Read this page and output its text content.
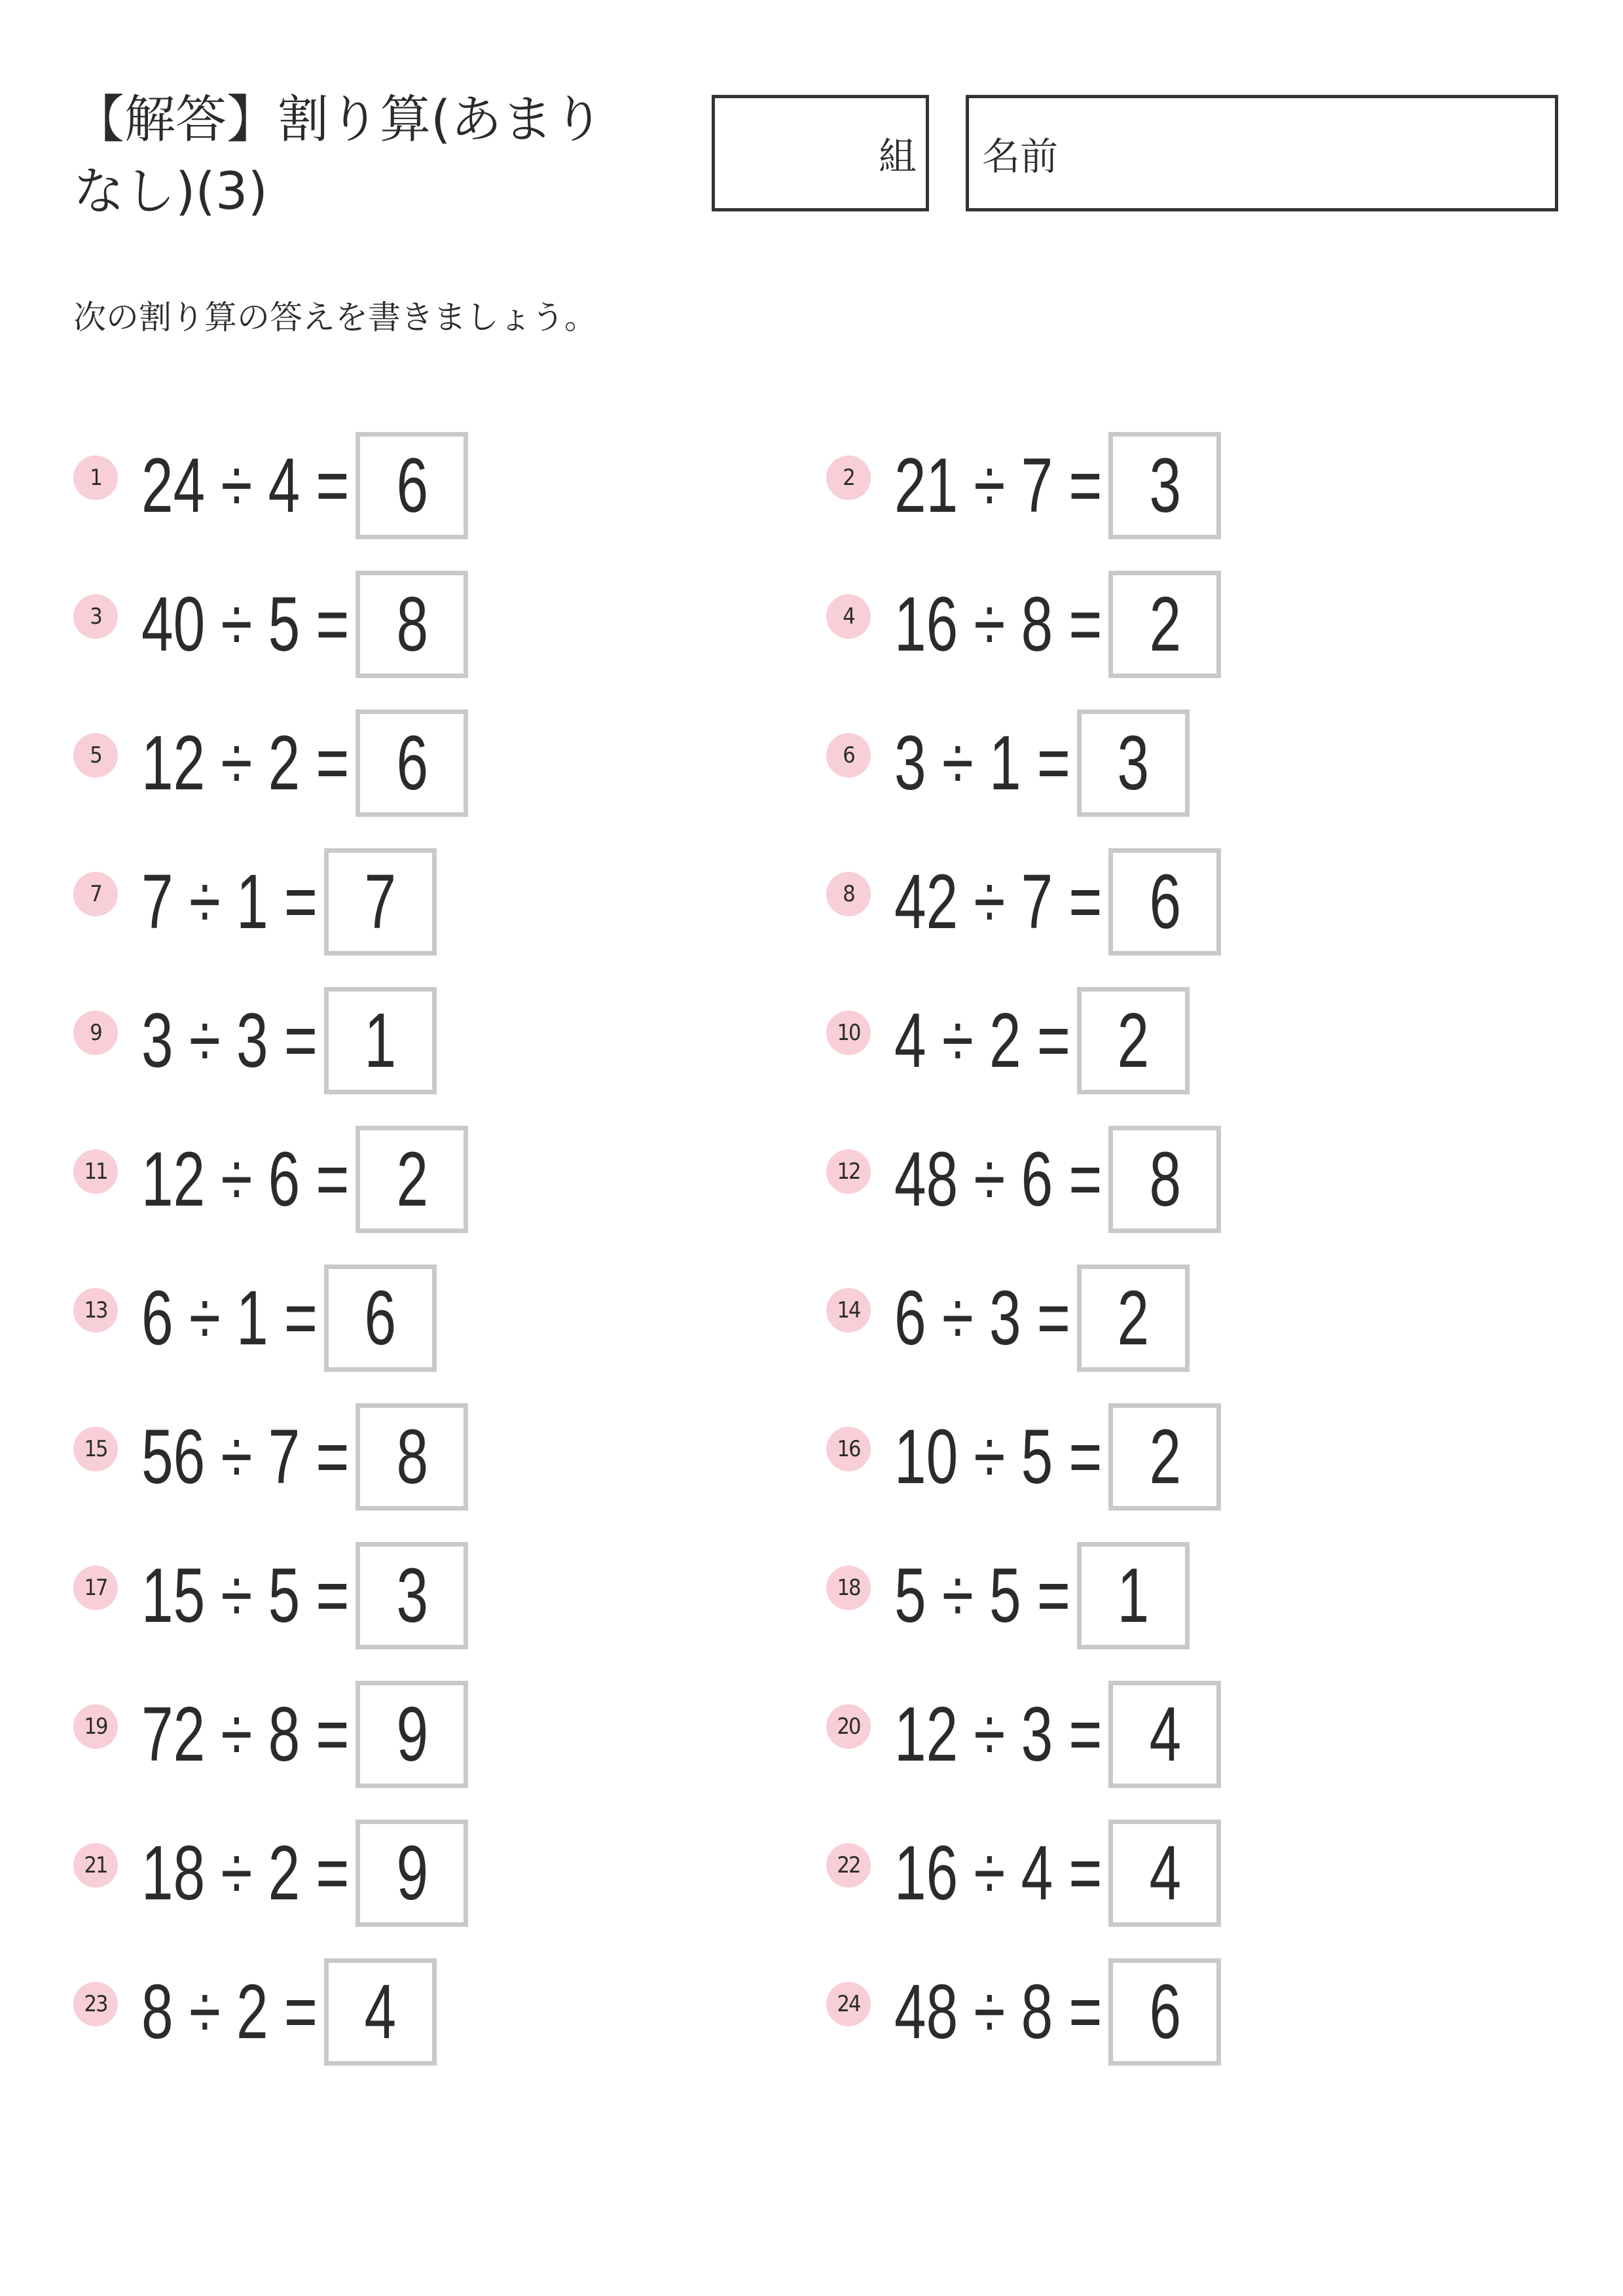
【解答】割り算(あまりなし)(3)
組 名前
次の割り算の答えを書きましょう。
1 24 ÷ 4 = 6	2 21 ÷ 7 = 3
3 40 ÷ 5 = 8	4 16 ÷ 8 = 2
5 12 ÷ 2 = 6	6 3 ÷ 1 = 3
7 7 ÷ 1 = 7	8 42 ÷ 7 = 6
9 3 ÷ 3 = 1	10 4 ÷ 2 = 2
11 12 ÷ 6 = 2	12 48 ÷ 6 = 8
13 6 ÷ 1 = 6	14 6 ÷ 3 = 2
15 56 ÷ 7 = 8	16 10 ÷ 5 = 2
17 15 ÷ 5 = 3	18 5 ÷ 5 = 1
19 72 ÷ 8 = 9	20 12 ÷ 3 = 4
21 18 ÷ 2 = 9	22 16 ÷ 4 = 4
23 8 ÷ 2 = 4	24 48 ÷ 8 = 6
